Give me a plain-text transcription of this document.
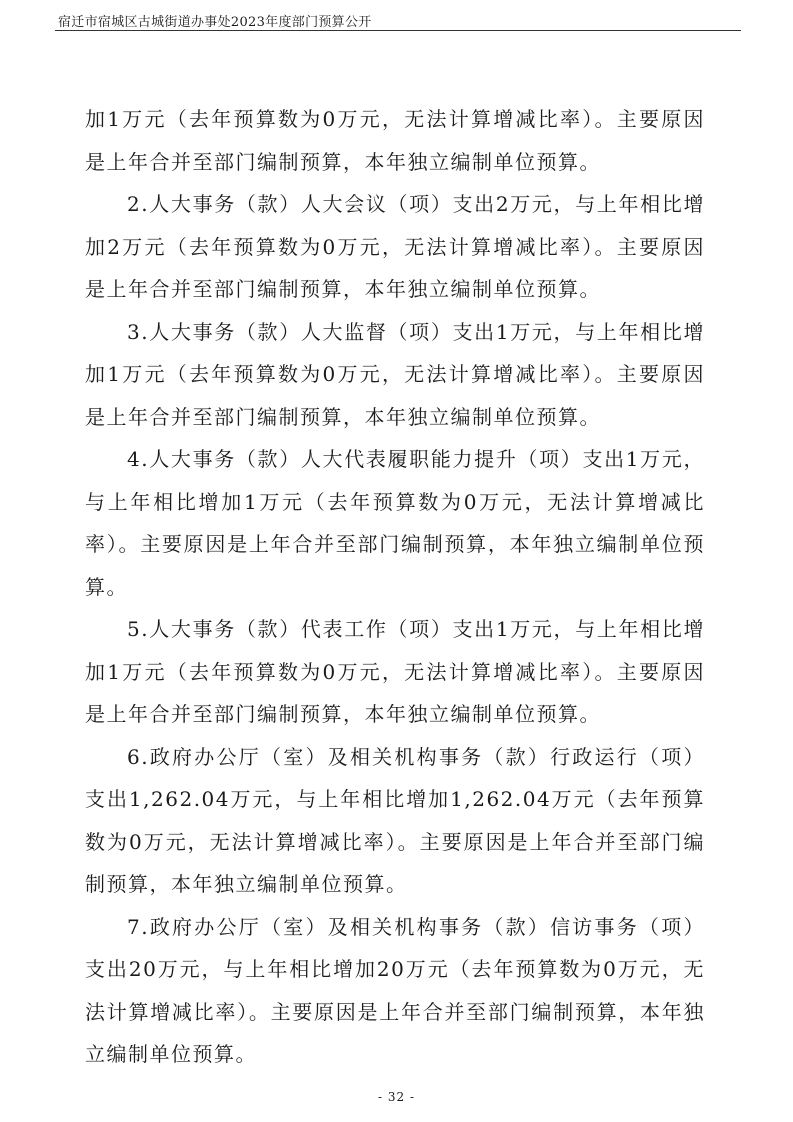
宿迁市宿城区古城街道办事处2023年度部门预算公开

加1万元（去年预算数为0万元，无法计算增减比率）。主要原因是上年合并至部门编制预算，本年独立编制单位预算。

2.人大事务（款）人大会议（项）支出2万元，与上年相比增加2万元（去年预算数为0万元，无法计算增减比率）。主要原因是上年合并至部门编制预算，本年独立编制单位预算。

3.人大事务（款）人大监督（项）支出1万元，与上年相比增加1万元（去年预算数为0万元，无法计算增减比率）。主要原因是上年合并至部门编制预算，本年独立编制单位预算。

4.人大事务（款）人大代表履职能力提升（项）支出1万元，与上年相比增加1万元（去年预算数为0万元，无法计算增减比率）。主要原因是上年合并至部门编制预算，本年独立编制单位预算。

5.人大事务（款）代表工作（项）支出1万元，与上年相比增加1万元（去年预算数为0万元，无法计算增减比率）。主要原因是上年合并至部门编制预算，本年独立编制单位预算。

6.政府办公厅（室）及相关机构事务（款）行政运行（项）支出1,262.04万元，与上年相比增加1,262.04万元（去年预算数为0万元，无法计算增减比率）。主要原因是上年合并至部门编制预算，本年独立编制单位预算。

7.政府办公厅（室）及相关机构事务（款）信访事务（项）支出20万元，与上年相比增加20万元（去年预算数为0万元，无法计算增减比率）。主要原因是上年合并至部门编制预算，本年独立编制单位预算。

- 32 -
